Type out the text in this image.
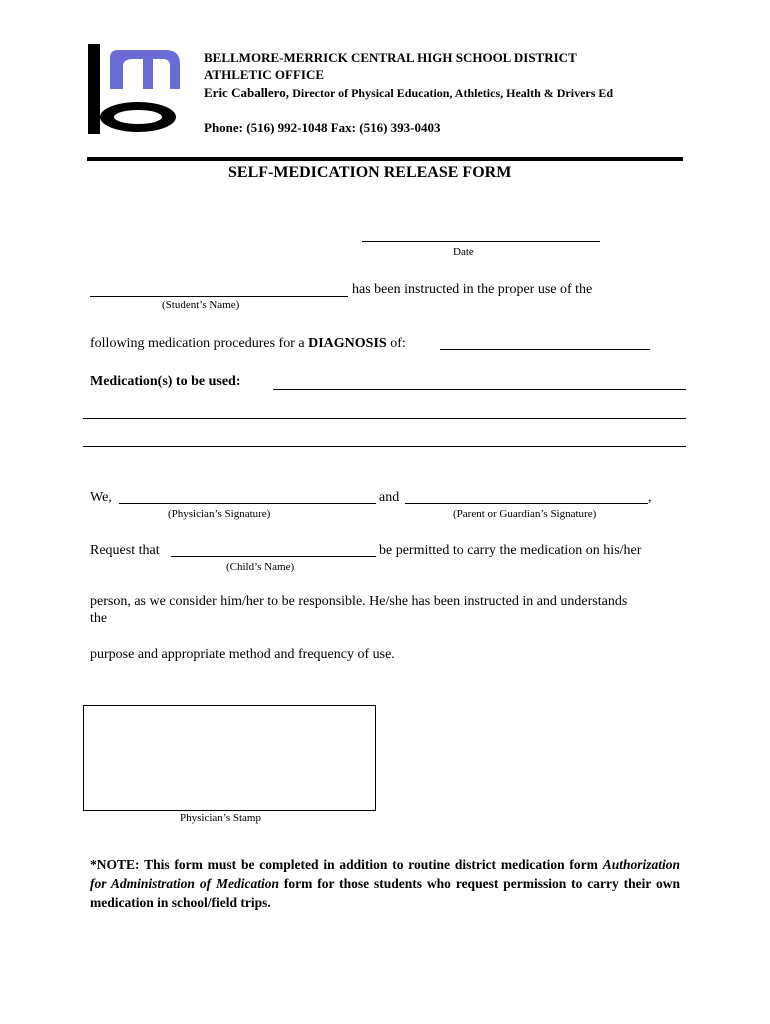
BELLMORE-MERRICK CENTRAL HIGH SCHOOL DISTRICT
ATHLETIC OFFICE
Eric Caballero, Director of Physical Education, Athletics, Health & Drivers Ed
Phone: (516) 992-1048 Fax: (516) 393-0403
SELF-MEDICATION RELEASE FORM
Date
has been instructed in the proper use of the
(Student’s Name)
following medication procedures for a DIAGNOSIS of:
Medication(s) to be used:
We,	and	,
(Physician’s Signature)	(Parent or Guardian’s Signature)
Request that	be permitted to carry the medication on his/her
(Child’s Name)
person, as we consider him/her to be responsible. He/she has been instructed in and understands
the
purpose and appropriate method and frequency of use.
Physician’s Stamp
*NOTE: This form must be completed in addition to routine district medication form Authorization for Administration of Medication form for those students who request permission to carry their own medication in school/field trips.
